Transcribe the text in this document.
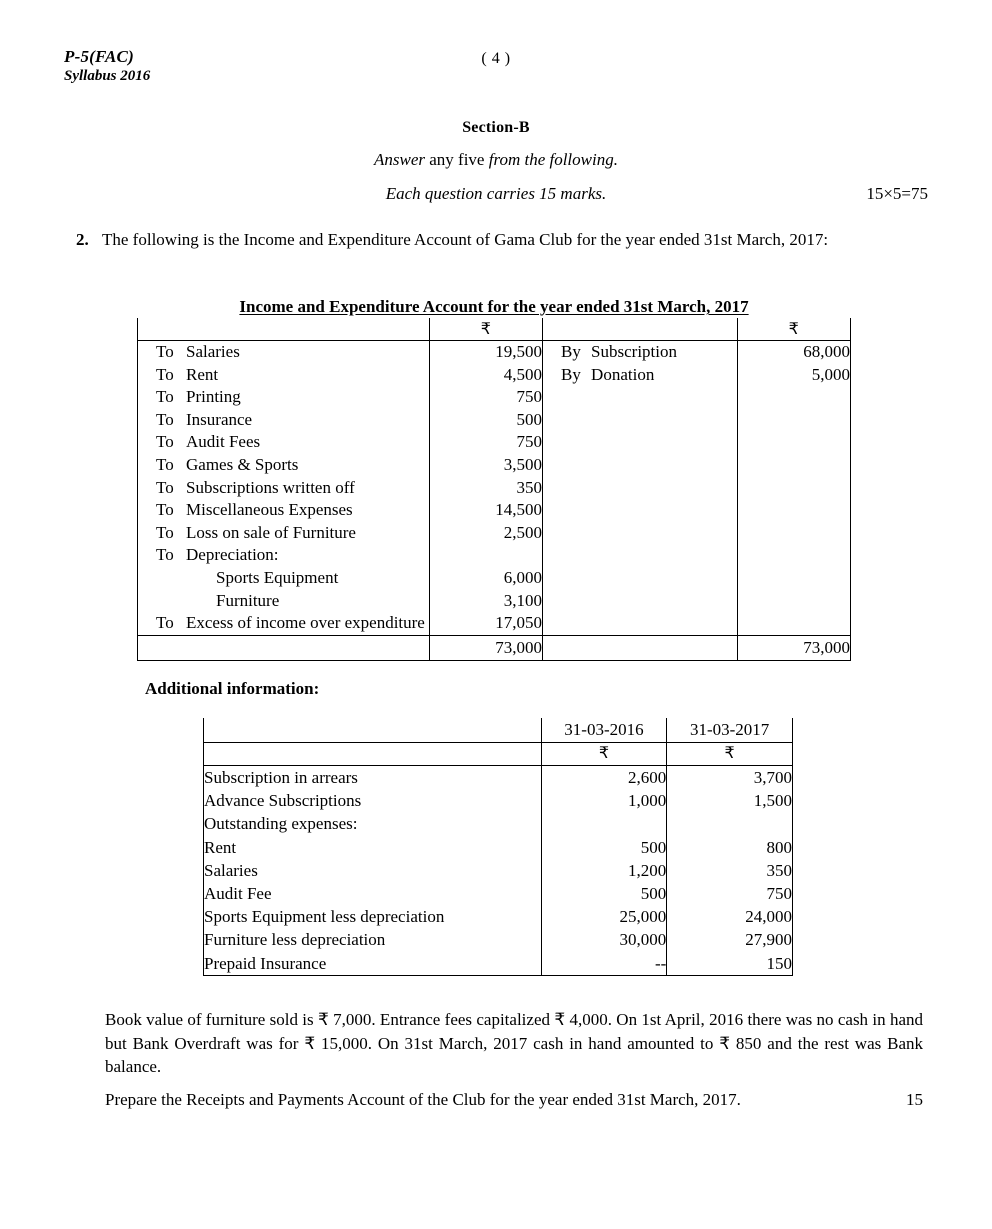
P-5(FAC)
Syllabus 2016
( 4 )
Section-B
Answer any five from the following.
Each question carries 15 marks.	15×5=75
2. The following is the Income and Expenditure Account of Gama Club for the year ended 31st March, 2017:
Income and Expenditure Account for the year ended 31st March, 2017
	₹		₹
To Salaries	19,500	By Subscription	68,000
To Rent	4,500	By Donation	5,000
To Printing	750		
To Insurance	500		
To Audit Fees	750		
To Games & Sports	3,500		
To Subscriptions written off	350		
To Miscellaneous Expenses	14,500		
To Loss on sale of Furniture	2,500		
To Depreciation:			
Sports Equipment	6,000		
Furniture	3,100		
To Excess of income over expenditure	17,050		
	73,000		73,000
Additional information:
	31-03-2016	31-03-2017
	₹	₹
Subscription in arrears	2,600	3,700
Advance Subscriptions	1,000	1,500
Outstanding expenses:		
Rent	500	800
Salaries	1,200	350
Audit Fee	500	750
Sports Equipment less depreciation	25,000	24,000
Furniture less depreciation	30,000	27,900
Prepaid Insurance	--	150
Book value of furniture sold is ₹ 7,000. Entrance fees capitalized ₹ 4,000. On 1st April, 2016 there was no cash in hand but Bank Overdraft was for ₹ 15,000. On 31st March, 2017 cash in hand amounted to ₹ 850 and the rest was Bank balance.
15
Prepare the Receipts and Payments Account of the Club for the year ended 31st March, 2017.
